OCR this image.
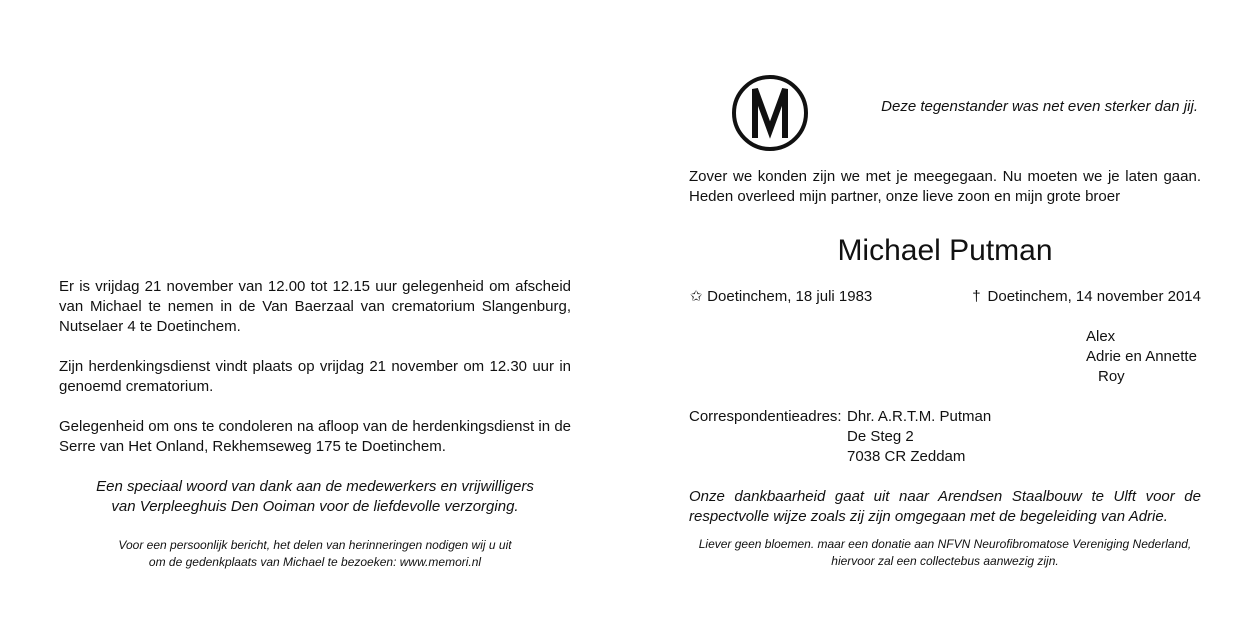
Er is vrijdag 21 november van 12.00 tot 12.15 uur gelegenheid om afscheid
van Michael te nemen in de Van Baerzaal van crematorium Slangenburg,
Nutselaer 4 te Doetinchem.
Zijn herdenkingsdienst vindt plaats op vrijdag 21 november om 12.30 uur in
genoemd crematorium.
Gelegenheid om ons te condoleren na afloop van de herdenkingsdienst in de
Serre van Het Onland, Rekhemseweg 175 te Doetinchem.
Een speciaal woord van dank aan de medewerkers en vrijwilligers
van Verpleeghuis Den Ooiman voor de liefdevolle verzorging.
Voor een persoonlijk bericht, het delen van herinneringen nodigen wij u uit
om de gedenkplaats van Michael te bezoeken: www.memori.nl
Deze tegenstander was net even sterker dan jij.
Zover we konden zijn we met je meegegaan. Nu moeten we je laten gaan.
Heden overleed mijn partner, onze lieve zoon en mijn grote broer
Michael Putman
✩ Doetinchem, 18 juli 1983	† Doetinchem, 14 november 2014
Alex
Adrie en Annette
Roy
Correspondentieadres: Dhr. A.R.T.M. Putman
De Steg 2
7038 CR Zeddam
Onze dankbaarheid gaat uit naar Arendsen Staalbouw te Ulft voor de
respectvolle wijze zoals zij zijn omgegaan met de begeleiding van Adrie.
Liever geen bloemen. maar een donatie aan NFVN Neurofibromatose Vereniging Nederland,
hiervoor zal een collectebus aanwezig zijn.
